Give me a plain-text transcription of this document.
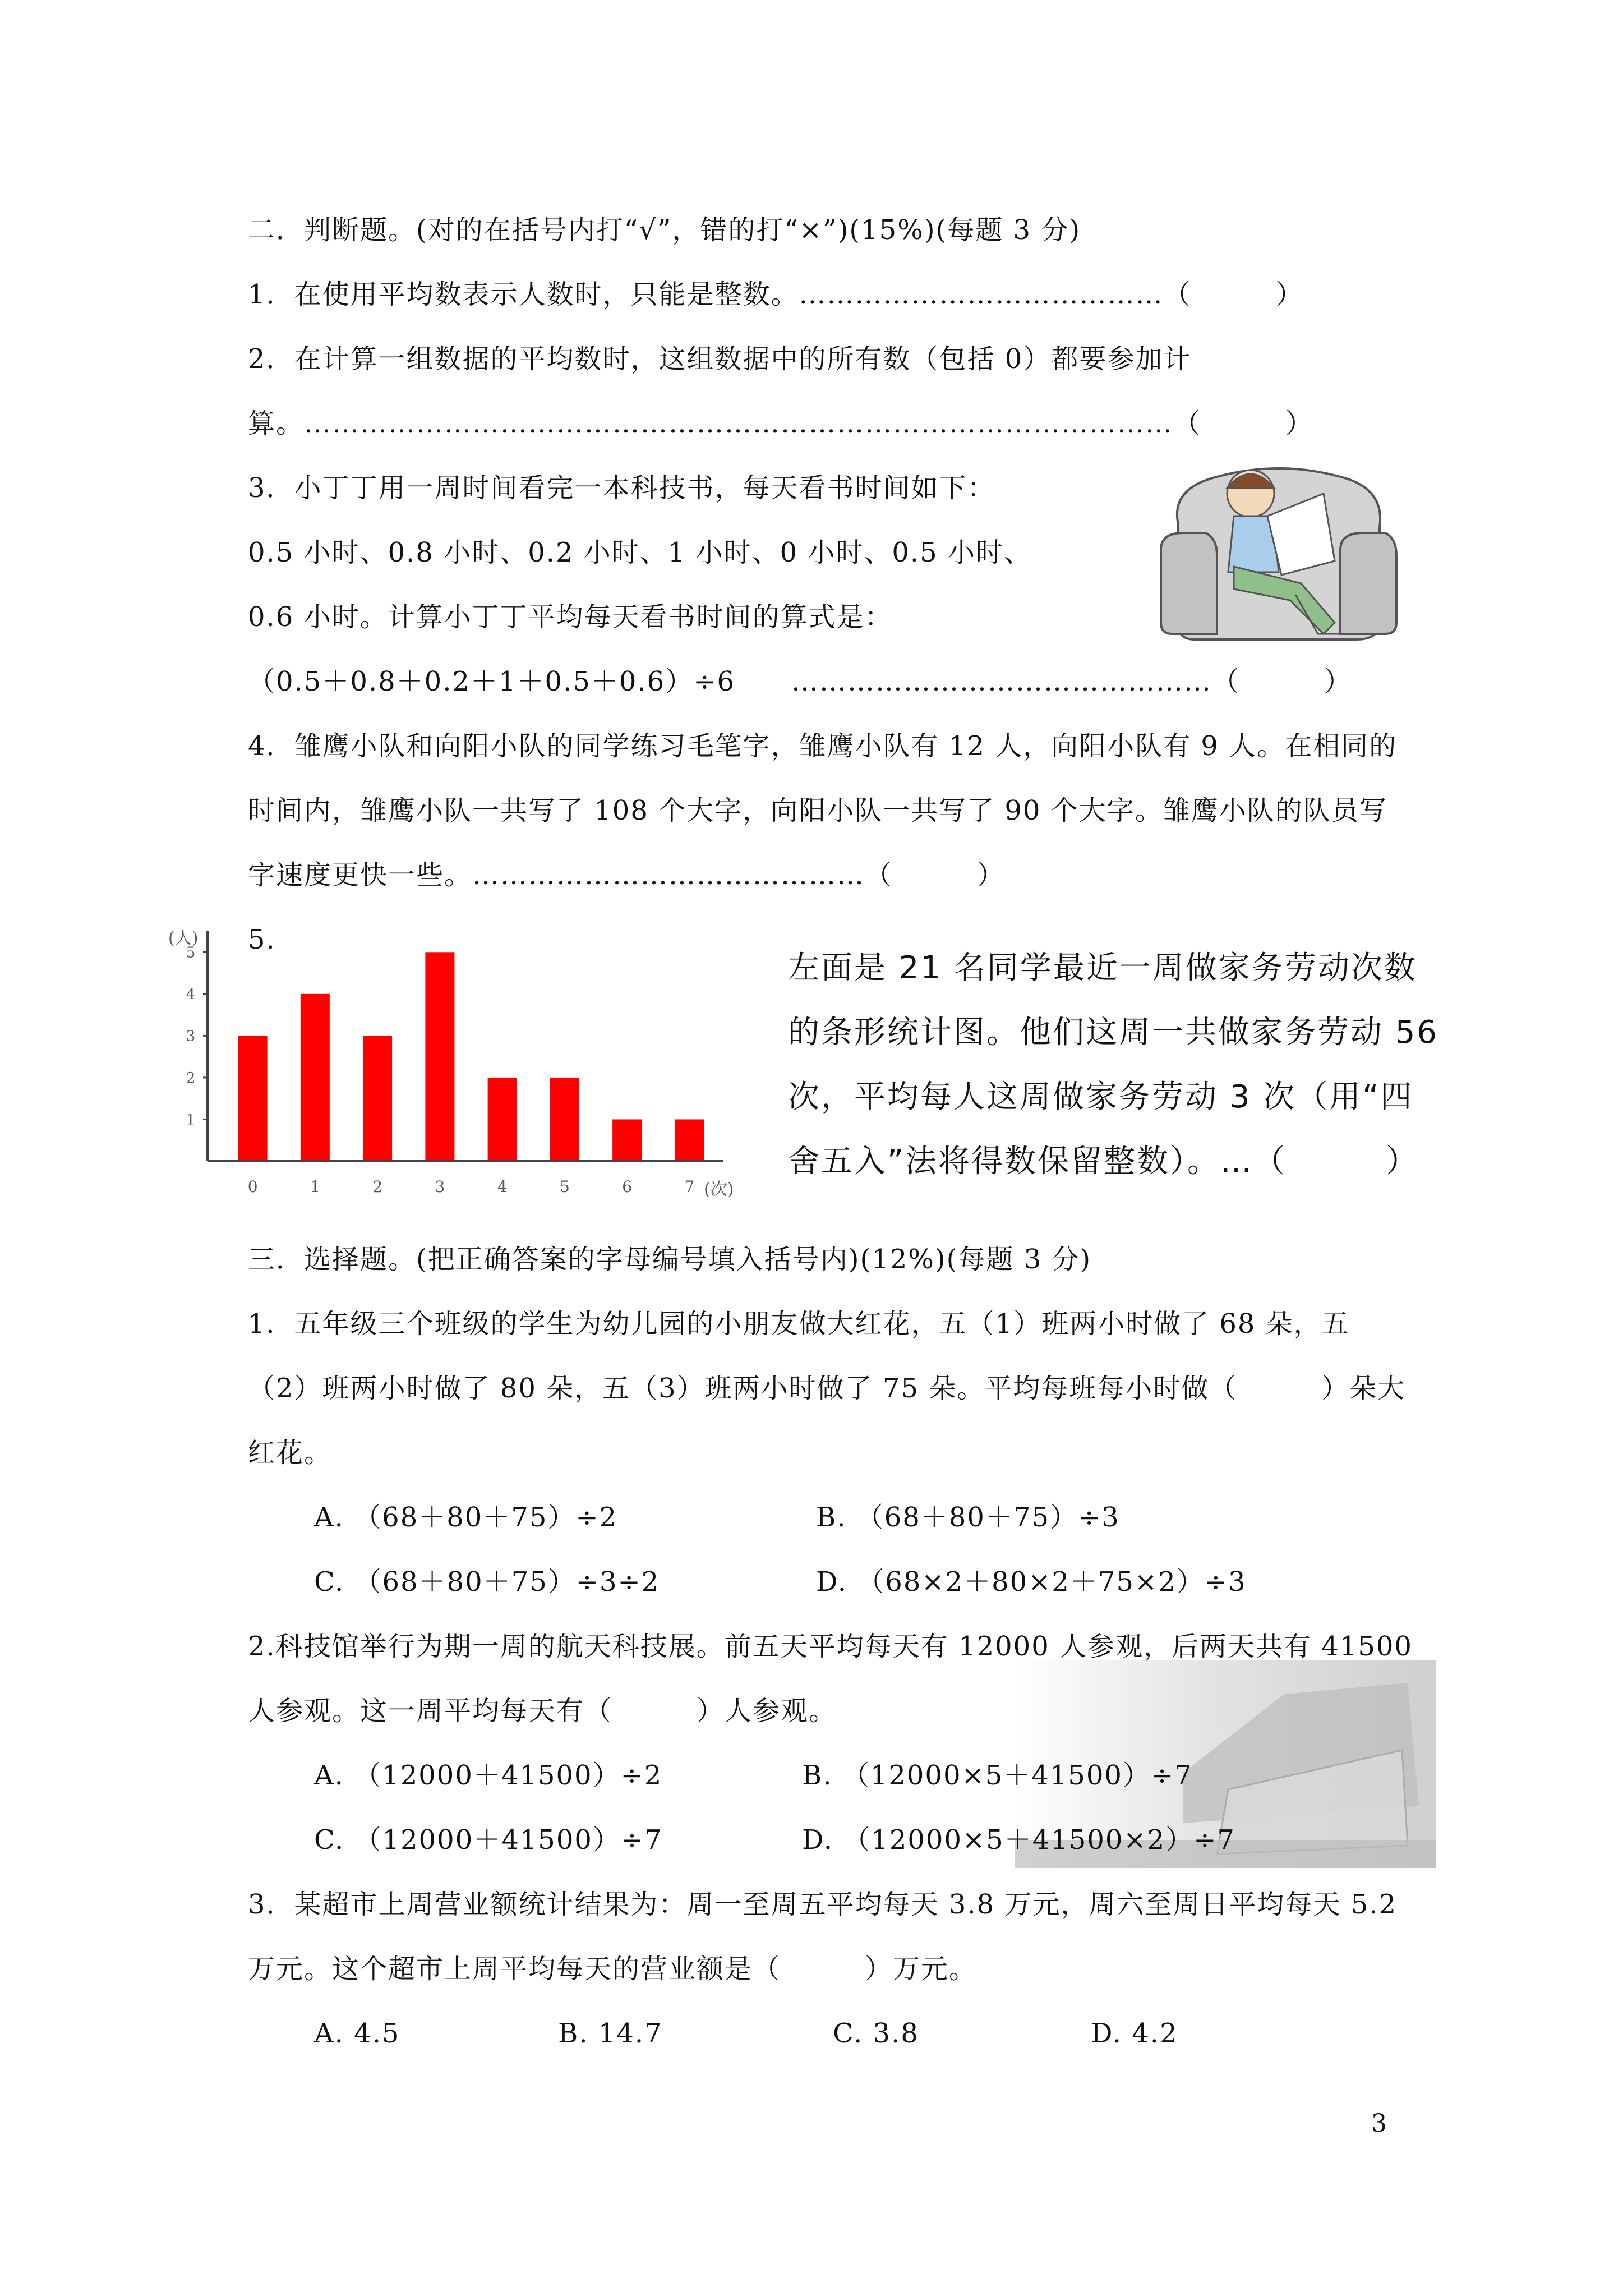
二．判断题。(对的在括号内打“√”，错的打“×”)(15%)(每题 3 分)
1．在使用平均数表示人数时，只能是整数。…………………………………（　　　）
2．在计算一组数据的平均数时，这组数据中的所有数（包括 0）都要参加计
算。…………………………………………………………………………………（　　　）
3．小丁丁用一周时间看完一本科技书，每天看书时间如下：
0.5 小时、0.8 小时、0.2 小时、1 小时、0 小时、0.5 小时、
0.6 小时。计算小丁丁平均每天看书时间的算式是：
（0.5＋0.8＋0.2＋1＋0.5＋0.6）÷6　　………………………………………（　　　）
4．雏鹰小队和向阳小队的同学练习毛笔字，雏鹰小队有 12 人，向阳小队有 9 人。在相同的
时间内，雏鹰小队一共写了 108 个大字，向阳小队一共写了 90 个大字。雏鹰小队的队员写
字速度更快一些。……………………………………（　　　）
5.
1
2
3
4
5
0	1	2	3	4	5	6	7
(人)
(次)
左面是 21 名同学最近一周做家务劳动次数
的条形统计图。他们这周一共做家务劳动 56
次，平均每人这周做家务劳动 3 次（用“四
舍五入”法将得数保留整数）。…（　　　）
三．选择题。(把正确答案的字母编号填入括号内)(12%)(每题 3 分)
1．五年级三个班级的学生为幼儿园的小朋友做大红花，五（1）班两小时做了 68 朵，五
（2）班两小时做了 80 朵，五（3）班两小时做了 75 朵。平均每班每小时做（　　　）朵大
红花。
A. （68＋80＋75）÷2	B. （68＋80＋75）÷3
C. （68＋80＋75）÷3÷2	D. （68×2＋80×2＋75×2）÷3
2.科技馆举行为期一周的航天科技展。前五天平均每天有 12000 人参观，后两天共有 41500
人参观。这一周平均每天有（　　　）人参观。
A. （12000＋41500）÷2	B. （12000×5＋41500）÷7
C. （12000＋41500）÷7	D. （12000×5＋41500×2）÷7
3．某超市上周营业额统计结果为：周一至周五平均每天 3.8 万元，周六至周日平均每天 5.2
万元。这个超市上周平均每天的营业额是（　　　）万元。
A. 4.5	B. 14.7	C. 3.8	D. 4.2
3
